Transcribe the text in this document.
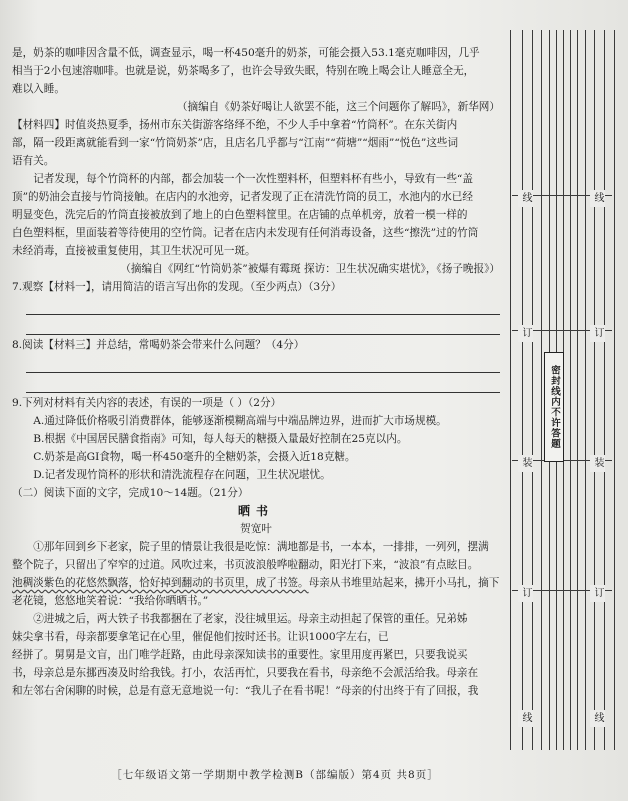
是，奶茶的咖啡因含量不低，调查显示，喝一杯450毫升的奶茶，可能会摄入53.1毫克咖啡因，几乎

相当于2小包速溶咖啡。也就是说，奶茶喝多了，也许会导致失眠，特别在晚上喝会让人睡意全无，

难以入睡。

（摘编自《奶茶好喝让人欲罢不能，这三个问题你了解吗》，新华网）

【材料四】时值炎热夏季，扬州市东关街游客络绎不绝，不少人手中拿着“竹筒杯”。在东关街内

部，隔一段距离就能看到一家“竹筒奶茶”店，且店名几乎都与“江南”“荷塘”“烟雨”“悦色”这些词

语有关。

记者发现，每个竹筒杯的内部，都会加装一个一次性塑料杯，但塑料杯有些小，导致有一些“盖

顶”的奶油会直接与竹筒接触。在店内的水池旁，记者发现了正在清洗竹筒的员工，水池内的水已经

明显变色，洗完后的竹筒直接被放到了地上的白色塑料筐里。在店铺的点单机旁，放着一模一样的

白色塑料框，里面装着等待使用的空竹筒。记者在店内未发现有任何消毒设备，这些“擦洗”过的竹筒

未经消毒，直接被重复使用，其卫生状况可见一斑。

（摘编自《网红“竹筒奶茶”被爆有霉斑 探访：卫生状况确实堪忧》，《扬子晚报》）

7.观察【材料一】，请用简洁的语言写出你的发现。（至少两点）（3分）

8.阅读【材料三】并总结，常喝奶茶会带来什么问题？（4分）

9.下列对材料有关内容的表述，有误的一项是（ ）（2分）

A.通过降低价格吸引消费群体，能够逐渐模糊高端与中端品牌边界，进而扩大市场规模。

B.根据《中国居民膳食指南》可知，每人每天的糖摄入量最好控制在25克以内。

C.奶茶是高GI食物，喝一杯450毫升的全糖奶茶，会摄入近18克糖。

D.记者发现竹筒杯的形状和清洗流程存在问题，卫生状况堪忧。

（二）阅读下面的文字，完成10～14题。（21分）

晒书

贺宽叶

①那年回到乡下老家，院子里的情景让我很是吃惊：满地都是书，一本本，一排排，一列列，摆满

整个院子，只留出了窄窄的过道。风吹过来，书页波浪般哗啦翻动，阳光打下来，“波浪”有点眩目。

池稠淡紫色的花悠然飘落，恰好掉到翻动的书页里，成了书签。母亲从书堆里站起来，拂开小马扎，摘下

老花镜，悠悠地笑着说：“我给你晒晒书。”

②进城之后，两大铁子书我都捆在了老家，没往城里运。母亲主动担起了保管的重任。兄弟姊

妹尖拿书看，母亲都要拿笔记在心里，催促他们按时还书。让识1000字左右，已

经拼了。舅舅是文盲，出门唯学赶路，由此母亲深知读书的重要性。家里用度再紧巴，只要我说买

书，母亲总是东挪西凑及时给我钱。打小，农活再忙，只要我在看书，母亲绝不会派活给我。母亲在

和左邻右舍闲聊的时候，总是有意无意地说一句：“我儿子在看书呢！”母亲的付出终于有了回报，我

［七年级语文第一学期期中教学检测B（部编版）第4页 共8页］
线
订
装
订
线
线
订
装
订
线
密封线内不许答题
